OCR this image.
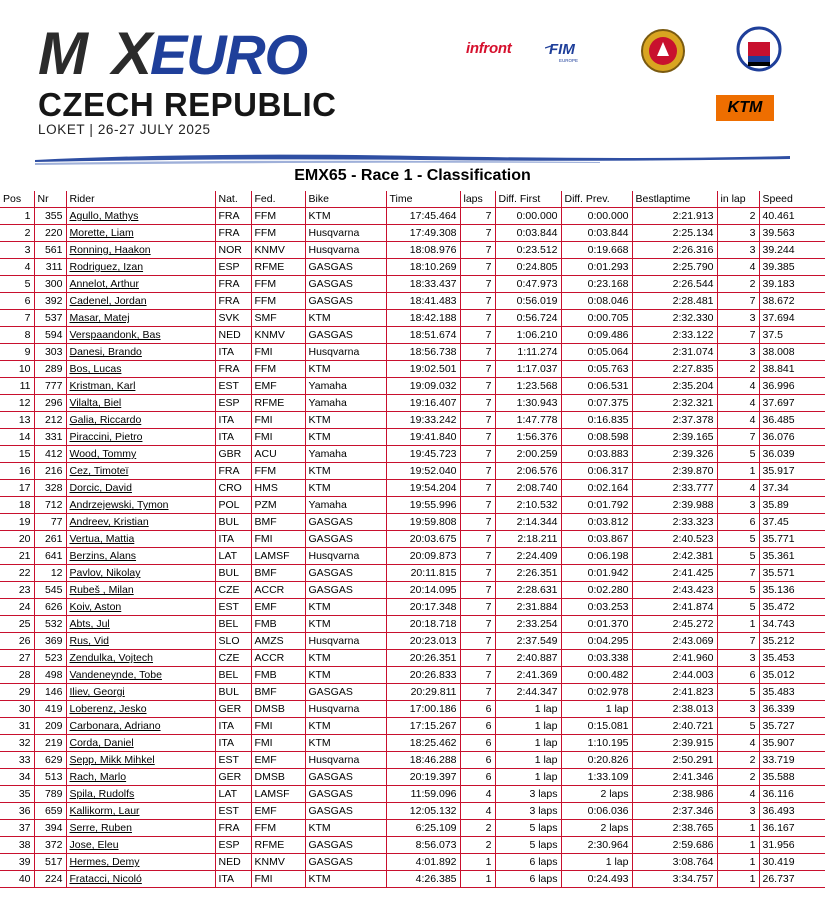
MX EURO
CZECH REPUBLIC
LOKET | 26-27 JULY 2025
infront	FIM
EUROPE
KTM
EMX65 - Race 1 - Classification
Pos	Nr	Rider	Nat.	Fed.	Bike	Time	laps	Diff. First	Diff. Prev.	Bestlaptime	in lap	Speed
1	355	Agullo, Mathys	FRA	FFM	KTM	17:45.464	7	0:00.000	0:00.000	2:21.913	2	40.461
2	220	Morette, Liam	FRA	FFM	Husqvarna	17:49.308	7	0:03.844	0:03.844	2:25.134	3	39.563
3	561	Ronning, Haakon	NOR	KNMV	Husqvarna	18:08.976	7	0:23.512	0:19.668	2:26.316	3	39.244
4	311	Rodriguez, Izan	ESP	RFME	GASGAS	18:10.269	7	0:24.805	0:01.293	2:25.790	4	39.385
5	300	Annelot, Arthur	FRA	FFM	GASGAS	18:33.437	7	0:47.973	0:23.168	2:26.544	2	39.183
6	392	Cadenel, Jordan	FRA	FFM	GASGAS	18:41.483	7	0:56.019	0:08.046	2:28.481	7	38.672
7	537	Masar, Matej	SVK	SMF	KTM	18:42.188	7	0:56.724	0:00.705	2:32.330	3	37.694
8	594	Verspaandonk, Bas	NED	KNMV	GASGAS	18:51.674	7	1:06.210	0:09.486	2:33.122	7	37.5
9	303	Danesi, Brando	ITA	FMI	Husqvarna	18:56.738	7	1:11.274	0:05.064	2:31.074	3	38.008
10	289	Bos, Lucas	FRA	FFM	KTM	19:02.501	7	1:17.037	0:05.763	2:27.835	2	38.841
11	777	Kristman, Karl	EST	EMF	Yamaha	19:09.032	7	1:23.568	0:06.531	2:35.204	4	36.996
12	296	Vilalta, Biel	ESP	RFME	Yamaha	19:16.407	7	1:30.943	0:07.375	2:32.321	4	37.697
13	212	Galia, Riccardo	ITA	FMI	KTM	19:33.242	7	1:47.778	0:16.835	2:37.378	4	36.485
14	331	Piraccini, Pietro	ITA	FMI	KTM	19:41.840	7	1:56.376	0:08.598	2:39.165	7	36.076
15	412	Wood, Tommy	GBR	ACU	Yamaha	19:45.723	7	2:00.259	0:03.883	2:39.326	5	36.039
16	216	Cez, Timoteï	FRA	FFM	KTM	19:52.040	7	2:06.576	0:06.317	2:39.870	1	35.917
17	328	Dorcic, David	CRO	HMS	KTM	19:54.204	7	2:08.740	0:02.164	2:33.777	4	37.34
18	712	Andrzejewski, Tymon	POL	PZM	Yamaha	19:55.996	7	2:10.532	0:01.792	2:39.988	3	35.89
19	77	Andreev, Kristian	BUL	BMF	GASGAS	19:59.808	7	2:14.344	0:03.812	2:33.323	6	37.45
20	261	Vertua, Mattia	ITA	FMI	GASGAS	20:03.675	7	2:18.211	0:03.867	2:40.523	5	35.771
21	641	Berzins, Alans	LAT	LAMSF	Husqvarna	20:09.873	7	2:24.409	0:06.198	2:42.381	5	35.361
22	12	Pavlov, Nikolay	BUL	BMF	GASGAS	20:11.815	7	2:26.351	0:01.942	2:41.425	7	35.571
23	545	Rubeš , Milan	CZE	ACCR	GASGAS	20:14.095	7	2:28.631	0:02.280	2:43.423	5	35.136
24	626	Koiv, Aston	EST	EMF	KTM	20:17.348	7	2:31.884	0:03.253	2:41.874	5	35.472
25	532	Abts, Jul	BEL	FMB	KTM	20:18.718	7	2:33.254	0:01.370	2:45.272	1	34.743
26	369	Rus, Vid	SLO	AMZS	Husqvarna	20:23.013	7	2:37.549	0:04.295	2:43.069	7	35.212
27	523	Zendulka, Vojtech	CZE	ACCR	KTM	20:26.351	7	2:40.887	0:03.338	2:41.960	3	35.453
28	498	Vandeneynde, Tobe	BEL	FMB	KTM	20:26.833	7	2:41.369	0:00.482	2:44.003	6	35.012
29	146	Iliev, Georgi	BUL	BMF	GASGAS	20:29.811	7	2:44.347	0:02.978	2:41.823	5	35.483
30	419	Loberenz, Jesko	GER	DMSB	Husqvarna	17:00.186	6	1 lap	1 lap	2:38.013	3	36.339
31	209	Carbonara, Adriano	ITA	FMI	KTM	17:15.267	6	1 lap	0:15.081	2:40.721	5	35.727
32	219	Corda, Daniel	ITA	FMI	KTM	18:25.462	6	1 lap	1:10.195	2:39.915	4	35.907
33	629	Sepp, Mikk Mihkel	EST	EMF	Husqvarna	18:46.288	6	1 lap	0:20.826	2:50.291	2	33.719
34	513	Rach, Marlo	GER	DMSB	GASGAS	20:19.397	6	1 lap	1:33.109	2:41.346	2	35.588
35	789	Spila, Rudolfs	LAT	LAMSF	GASGAS	11:59.096	4	3 laps	2 laps	2:38.986	4	36.116
36	659	Kallikorm, Laur	EST	EMF	GASGAS	12:05.132	4	3 laps	0:06.036	2:37.346	3	36.493
37	394	Serre, Ruben	FRA	FFM	KTM	6:25.109	2	5 laps	2 laps	2:38.765	1	36.167
38	372	Jose, Eleu	ESP	RFME	GASGAS	8:56.073	2	5 laps	2:30.964	2:59.686	1	31.956
39	517	Hermes, Demy	NED	KNMV	GASGAS	4:01.892	1	6 laps	1 lap	3:08.764	1	30.419
40	224	Fratacci, Nicoló	ITA	FMI	KTM	4:26.385	1	6 laps	0:24.493	3:34.757	1	26.737
